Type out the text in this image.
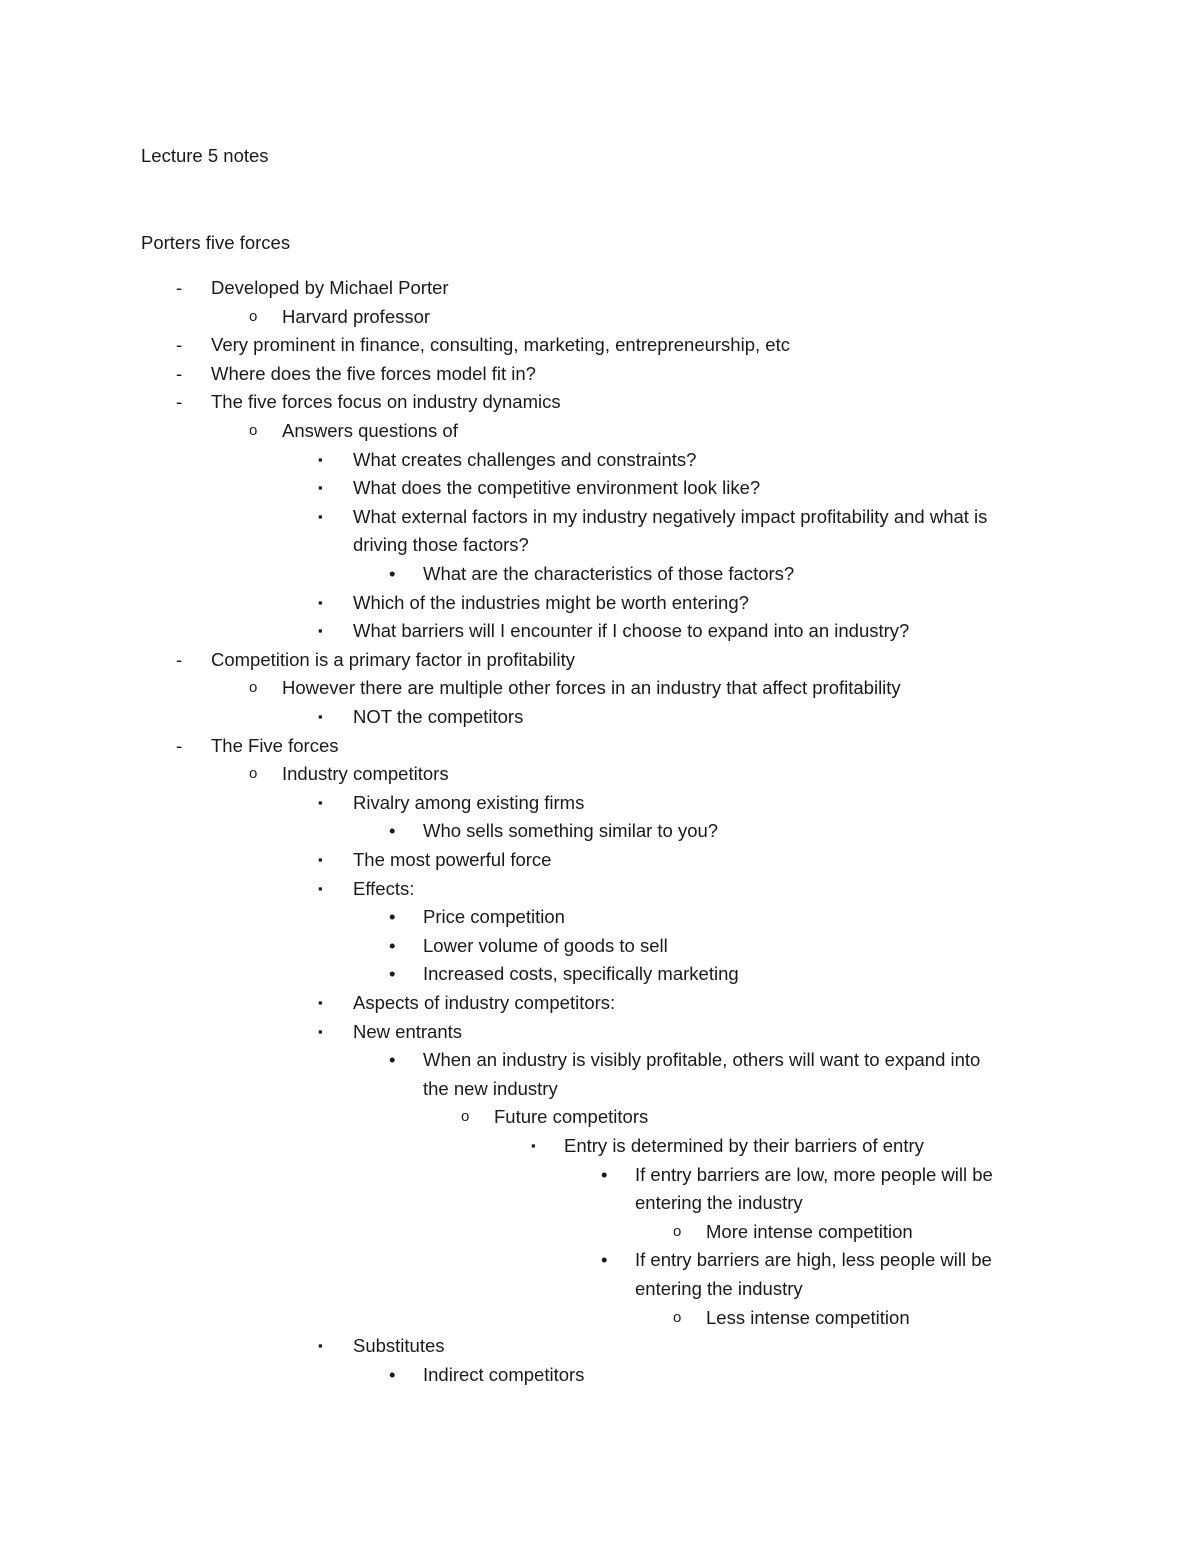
Lecture 5 notes
Porters five forces
- Developed by Michael Porter
o Harvard professor
- Very prominent in finance, consulting, marketing, entrepreneurship, etc
- Where does the five forces model fit in?
- The five forces focus on industry dynamics
o Answers questions of
▪ What creates challenges and constraints?
▪ What does the competitive environment look like?
▪ What external factors in my industry negatively impact profitability and what is
driving those factors?
• What are the characteristics of those factors?
▪ Which of the industries might be worth entering?
▪ What barriers will I encounter if I choose to expand into an industry?
- Competition is a primary factor in profitability
o However there are multiple other forces in an industry that affect profitability
▪ NOT the competitors
- The Five forces
o Industry competitors
▪ Rivalry among existing firms
• Who sells something similar to you?
▪ The most powerful force
▪ Effects:
• Price competition
• Lower volume of goods to sell
• Increased costs, specifically marketing
▪ Aspects of industry competitors:
▪ New entrants
• When an industry is visibly profitable, others will want to expand into
the new industry
o Future competitors
▪ Entry is determined by their barriers of entry
• If entry barriers are low, more people will be
entering the industry
o More intense competition
• If entry barriers are high, less people will be
entering the industry
o Less intense competition
▪ Substitutes
• Indirect competitors
